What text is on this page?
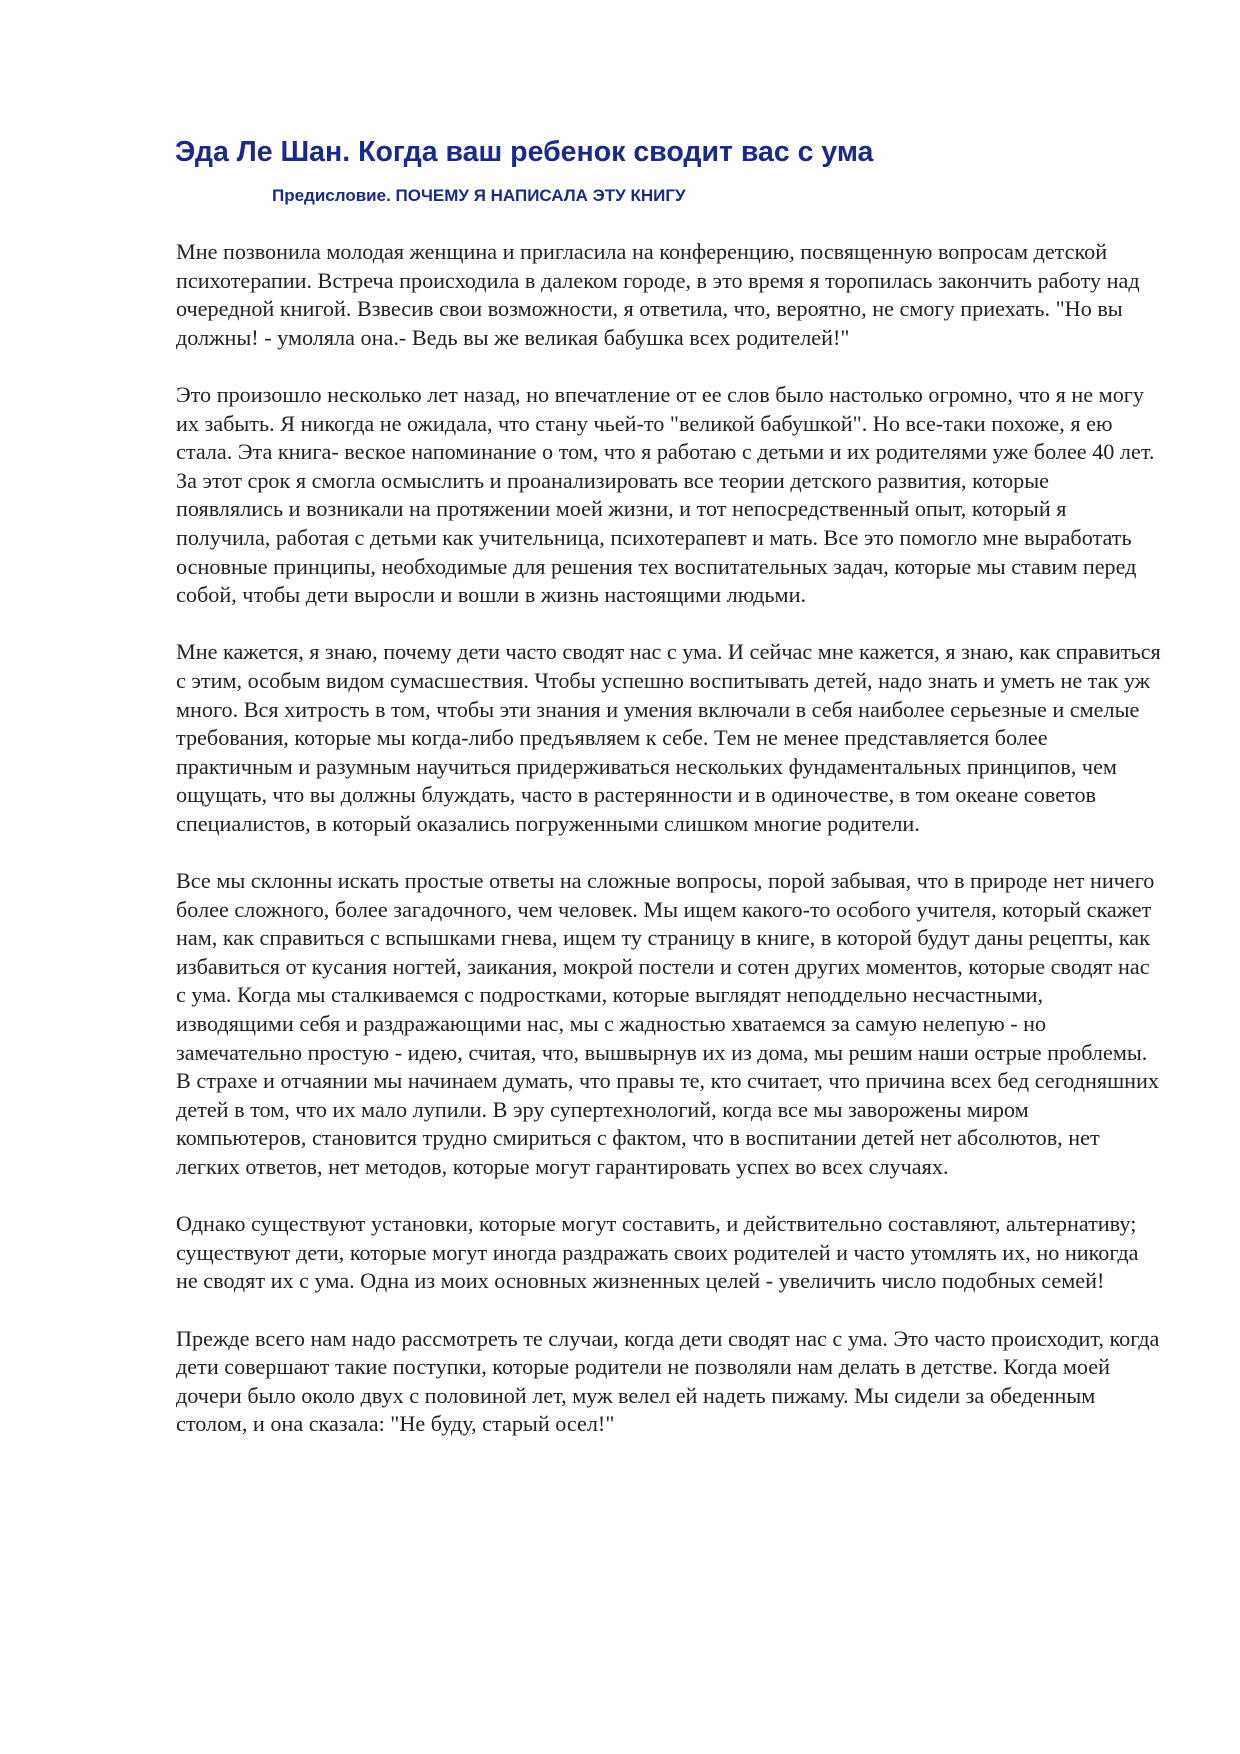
Эда Ле Шан. Когда ваш ребенок сводит вас с ума
Предисловие. ПОЧЕМУ Я НАПИСАЛА ЭТУ КНИГУ

Мне позвонила молодая женщина и пригласила на конференцию, посвященную вопросам детской психотерапии. Встреча происходила в далеком городе, в это время я торопилась закончить работу над очередной книгой. Взвесив свои возможности, я ответила, что, вероятно, не смогу приехать. "Но вы должны! - умоляла она.- Ведь вы же великая бабушка всех родителей!"

Это произошло несколько лет назад, но впечатление от ее слов было настолько огромно, что я не могу их забыть. Я никогда не ожидала, что стану чьей-то "великой бабушкой". Но все-таки похоже, я ею стала. Эта книга- веское напоминание о том, что я работаю с детьми и их родителями уже более 40 лет. За этот срок я смогла осмыслить и проанализировать все теории детского развития, которые появлялись и возникали на протяжении моей жизни, и тот непосредственный опыт, который я получила, работая с детьми как учительница, психотерапевт и мать. Все это помогло мне выработать основные принципы, необходимые для решения тех воспитательных задач, которые мы ставим перед собой, чтобы дети выросли и вошли в жизнь настоящими людьми.

Мне кажется, я знаю, почему дети часто сводят нас с ума. И сейчас мне кажется, я знаю, как справиться с этим, особым видом сумасшествия. Чтобы успешно воспитывать детей, надо знать и уметь не так уж много. Вся хитрость в том, чтобы эти знания и умения включали в себя наиболее серьезные и смелые требования, которые мы когда-либо предъявляем к себе. Тем не менее представляется более практичным и разумным научиться придерживаться нескольких фундаментальных принципов, чем ощущать, что вы должны блуждать, часто в растерянности и в одиночестве, в том океане советов специалистов, в который оказались погруженными слишком многие родители.

Все мы склонны искать простые ответы на сложные вопросы, порой забывая, что в природе нет ничего более сложного, более загадочного, чем человек. Мы ищем какого-то особого учителя, который скажет нам, как справиться с вспышками гнева, ищем ту страницу в книге, в которой будут даны рецепты, как избавиться от кусания ногтей, заикания, мокрой постели и сотен других моментов, которые сводят нас с ума. Когда мы сталкиваемся с подростками, которые выглядят неподдельно несчастными, изводящими себя и раздражающими нас, мы с жадностью хватаемся за самую нелепую - но замечательно простую - идею, считая, что, вышвырнув их из дома, мы решим наши острые проблемы. В страхе и отчаянии мы начинаем думать, что правы те, кто считает, что причина всех бед сегодняшних детей в том, что их мало лупили. В эру супертехнологий, когда все мы заворожены миром компьютеров, становится трудно смириться с фактом, что в воспитании детей нет абсолютов, нет легких ответов, нет методов, которые могут гарантировать успех во всех случаях.

Однако существуют установки, которые могут составить, и действительно составляют, альтернативу; существуют дети, которые могут иногда раздражать своих родителей и часто утомлять их, но никогда не сводят их с ума. Одна из моих основных жизненных целей - увеличить число подобных семей!

Прежде всего нам надо рассмотреть те случаи, когда дети сводят нас с ума. Это часто происходит, когда дети совершают такие поступки, которые родители не позволяли нам делать в детстве. Когда моей дочери было около двух с половиной лет, муж велел ей надеть пижаму. Мы сидели за обеденным столом, и она сказала: "Не буду, старый осел!"
